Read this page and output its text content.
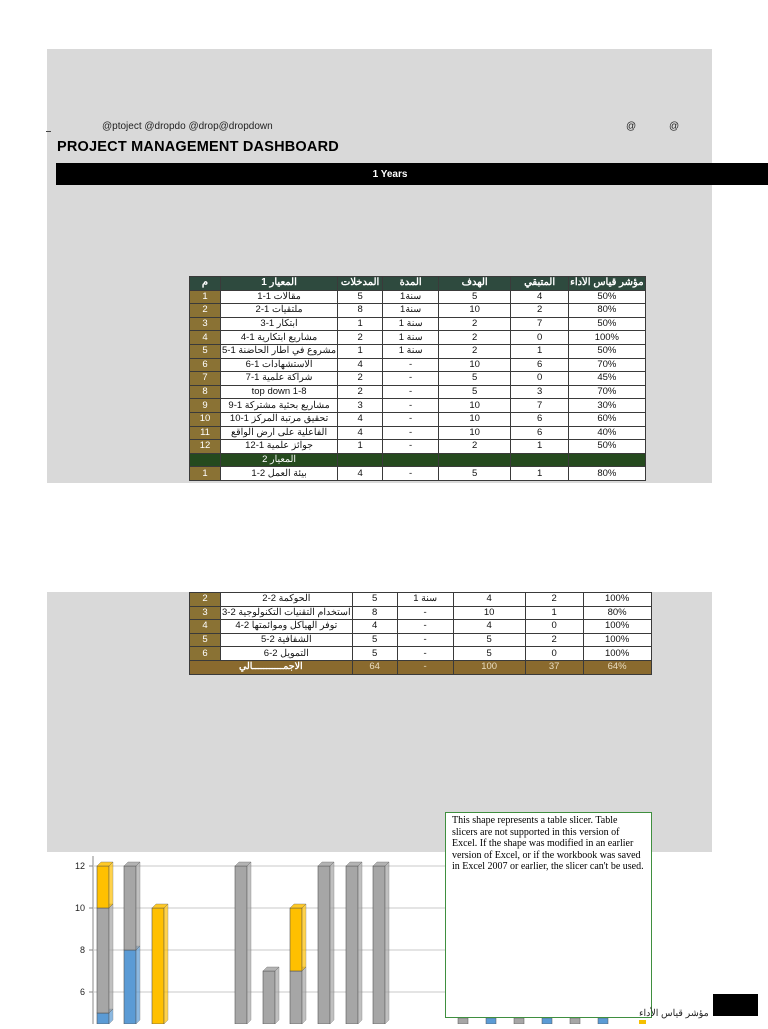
@ptoject @dropdo @drop@dropdown	@	@
PROJECT MANAGEMENT DASHBOARD
1 Years
م	المعيار 1	المدخلات	المدة	الهدف	المتبقي	مؤشر قياس الأداء
1	مقالات 1-1	5	سنة1	5	4	50%
2	ملتقيات 1-2	8	سنة1	10	2	80%
3	ابتكار 1-3	1	سنة 1	2	7	50%
4	مشاريع ابتكارية 1-4	2	سنة 1	2	0	100%
5	مشروع في اطار الحاضنة 1-5	1	سنة 1	2	1	50%
6	الاستشهادات 1-6	4	-	10	6	70%
7	شراكة علمية 1-7	2	-	5	0	45%
8	top down 1-8	2	-	5	3	70%
9	مشاريع بحثية مشتركة 1-9	3	-	10	7	30%
10	تحقيق مرتبة المركز 1-10	4	-	10	6	60%
11	الفاعلية على ارض الواقع	4	-	10	6	40%
12	جوائز علمية 1-12	1	-	2	1	50%
	المعيار 2					
1	بيئة العمل 2-1	4	-	5	1	80%
2	الحوكمة 2-2	5	سنة 1	4	2	100%
3	استخدام التقنيات التكنولوجية 2-3	8	-	10	1	80%
4	توفر الهياكل وموائمتها 2-4	4	-	4	0	100%
5	الشفافية 2-5	5	-	5	2	100%
6	التمويل 2-6	5	-	5	0	100%
الاجمـــــــــــالي		64	-	100	37	64%
12
10
8
6

This shape represents a table slicer. Table slicers are not supported in this version of Excel. If the shape was modified in an earlier version of Excel, or if the workbook was saved in Excel 2007 or earlier, the slicer can't be used.

مؤشر قياس الأداء
